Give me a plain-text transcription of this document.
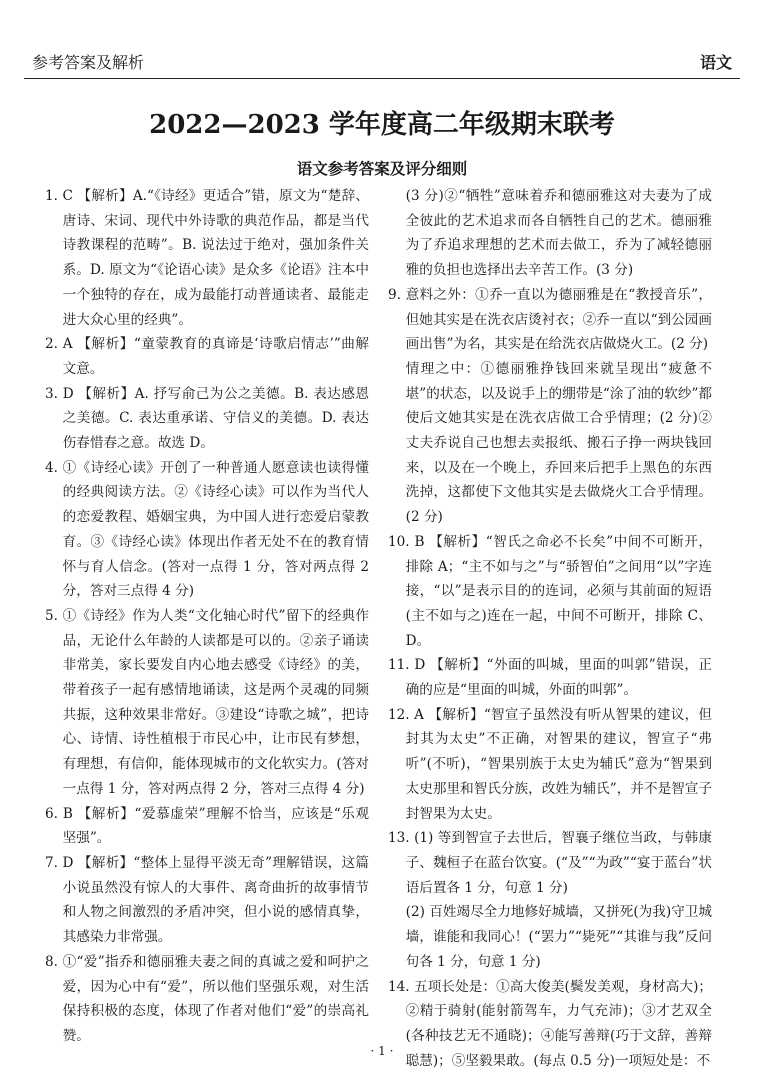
参考答案及解析	语文
2022—2023 学年度高二年级期末联考
语文参考答案及评分细则

1. C 【解析】A.“《诗经》更适合”错，原文为“楚辞、唐诗、宋词、现代中外诗歌的典范作品，都是当代诗教课程的范畴”。B. 说法过于绝对，强加条件关系。D. 原文为“《论语心读》是众多《论语》注本中一个独特的存在，成为最能打动普通读者、最能走进大众心里的经典”。

2. A 【解析】“童蒙教育的真谛是‘诗歌启情志’”曲解文意。

3. D 【解析】A. 抒写俞己为公之美德。B. 表达感恩之美德。C. 表达重承诺、守信义的美德。D. 表达伤春惜春之意。故选 D。

4. ①《诗经心读》开创了一种普通人愿意读也读得懂的经典阅读方法。②《诗经心读》可以作为当代人的恋爱教程、婚姻宝典，为中国人进行恋爱启蒙教育。③《诗经心读》体现出作者无处不在的教育情怀与育人信念。(答对一点得 1 分，答对两点得 2 分，答对三点得 4 分)

5. ①《诗经》作为人类“文化轴心时代”留下的经典作品，无论什么年龄的人读都是可以的。②亲子诵读非常美，家长要发自内心地去感受《诗经》的美，带着孩子一起有感情地诵读，这是两个灵魂的同频共振，这种效果非常好。③建设“诗歌之城”，把诗心、诗情、诗性植根于市民心中，让市民有梦想，有理想，有信仰，能体现城市的文化软实力。(答对一点得 1 分，答对两点得 2 分，答对三点得 4 分)

6. B 【解析】“爱慕虚荣”理解不恰当，应该是“乐观坚强”。

7. D 【解析】“整体上显得平淡无奇”理解错误，这篇小说虽然没有惊人的大事件、离奇曲折的故事情节和人物之间激烈的矛盾冲突，但小说的感情真挚，其感染力非常强。

8. ①“爱”指乔和德丽雅夫妻之间的真诚之爱和呵护之爱，因为心中有“爱”，所以他们坚强乐观，对生活保持积极的态度，体现了作者对他们“爱”的崇高礼赞。

(3 分)②“牺牲”意味着乔和德丽雅这对夫妻为了成全彼此的艺术追求而各自牺牲自己的艺术。德丽雅为了乔追求理想的艺术而去做工，乔为了减轻德丽雅的负担也选择出去辛苦工作。(3 分)

9. 意料之外：①乔一直以为德丽雅是在“教授音乐”，但她其实是在洗衣店烫衬衣；②乔一直以“到公园画画出售”为名，其实是在给洗衣店做烧火工。(2 分)

情理之中：①德丽雅挣钱回来就呈现出“疲惫不堪”的状态，以及说手上的绷带是“涂了油的软纱”都使后文她其实是在洗衣店做工合乎情理；(2 分)②丈夫乔说自己也想去卖报纸、搬石子挣一两块钱回来，以及在一个晚上，乔回来后把手上黑色的东西洗掉，这都使下文他其实是去做烧火工合乎情理。(2 分)

10. B 【解析】“智氏之命必不长矣”中间不可断开，排除 A；“主不如与之”与“骄智伯”之间用“以”字连接，“以”是表示目的的连词，必须与其前面的短语(主不如与之)连在一起，中间不可断开，排除 C、D。

11. D 【解析】“外面的叫城，里面的叫郭”错误，正确的应是“里面的叫城，外面的叫郭”。

12. A 【解析】“智宣子虽然没有听从智果的建议，但封其为太史”不正确，对智果的建议，智宣子“弗听”(不听)，“智果别族于太史为辅氏”意为“智果到太史那里和智氏分族，改姓为辅氏”，并不是智宣子封智果为太史。

13. (1) 等到智宣子去世后，智襄子继位当政，与韩康子、魏桓子在蓝台饮宴。(“及”“为政”“宴于蓝台”状语后置各 1 分，句意 1 分)

(2) 百姓竭尽全力地修好城墙，又拼死(为我)守卫城墙，谁能和我同心！(“罢力”“毙死”“其谁与我”反问句各 1 分，句意 1 分)

14. 五项长处是：①高大俊美(鬓发美观，身材高大)；②精于骑射(能射箭驾车，力气充沛)；③才艺双全(各种技艺无不通晓)；④能写善辩(巧于文辞，善辩聪慧)；⑤坚毅果敢。(每点 0.5 分)一项短处是：不

· 1 ·
